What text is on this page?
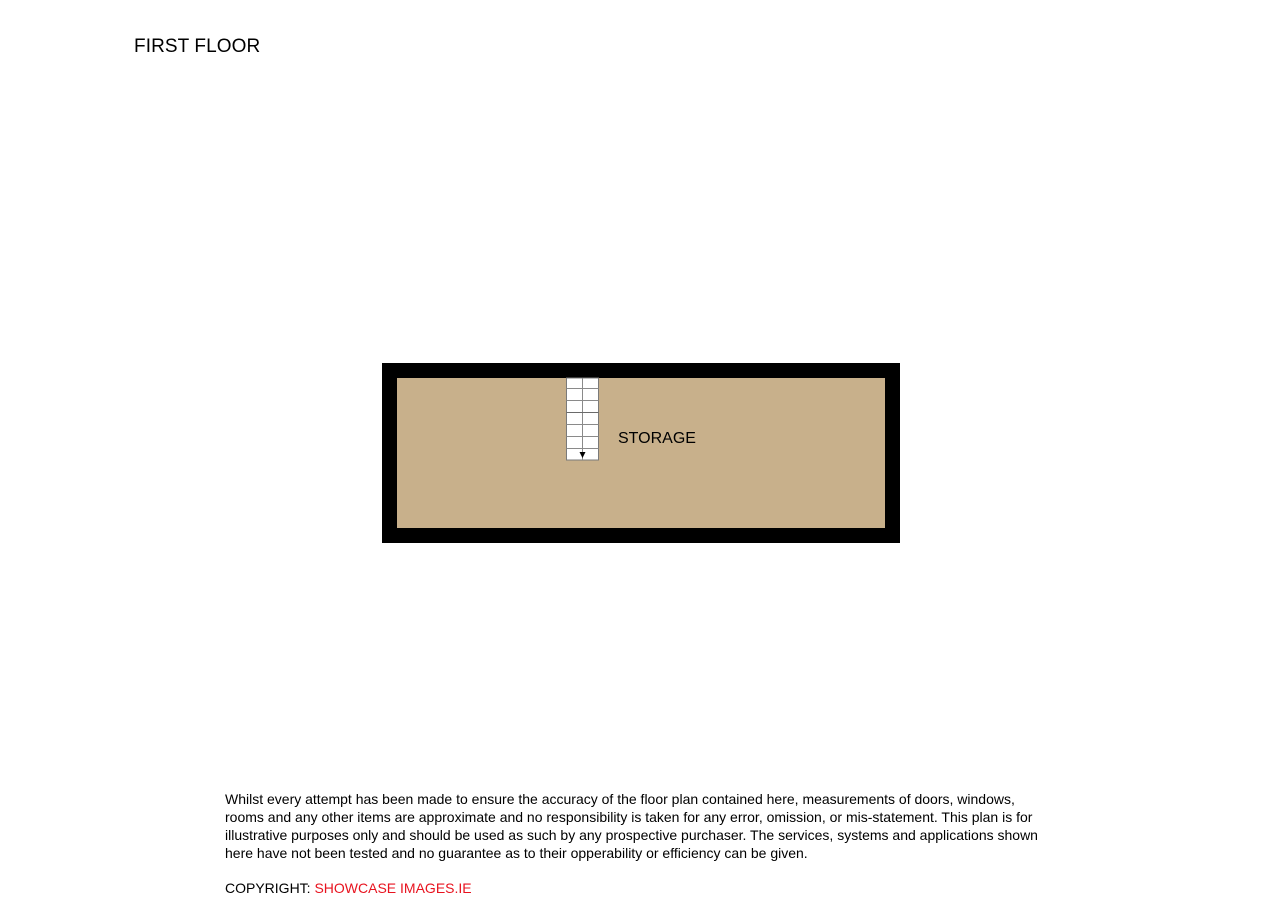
FIRST FLOOR
STORAGE

Whilst every attempt has been made to ensure the accuracy of the floor plan contained here, measurements of doors, windows,

rooms and any other items are approximate and no responsibility is taken for any error, omission, or mis-statement. This plan is for

illustrative purposes only and should be used as such by any prospective purchaser. The services, systems and applications shown

here have not been tested and no guarantee as to their opperability or efficiency can be given.

COPYRIGHT: SHOWCASE IMAGES.IE
